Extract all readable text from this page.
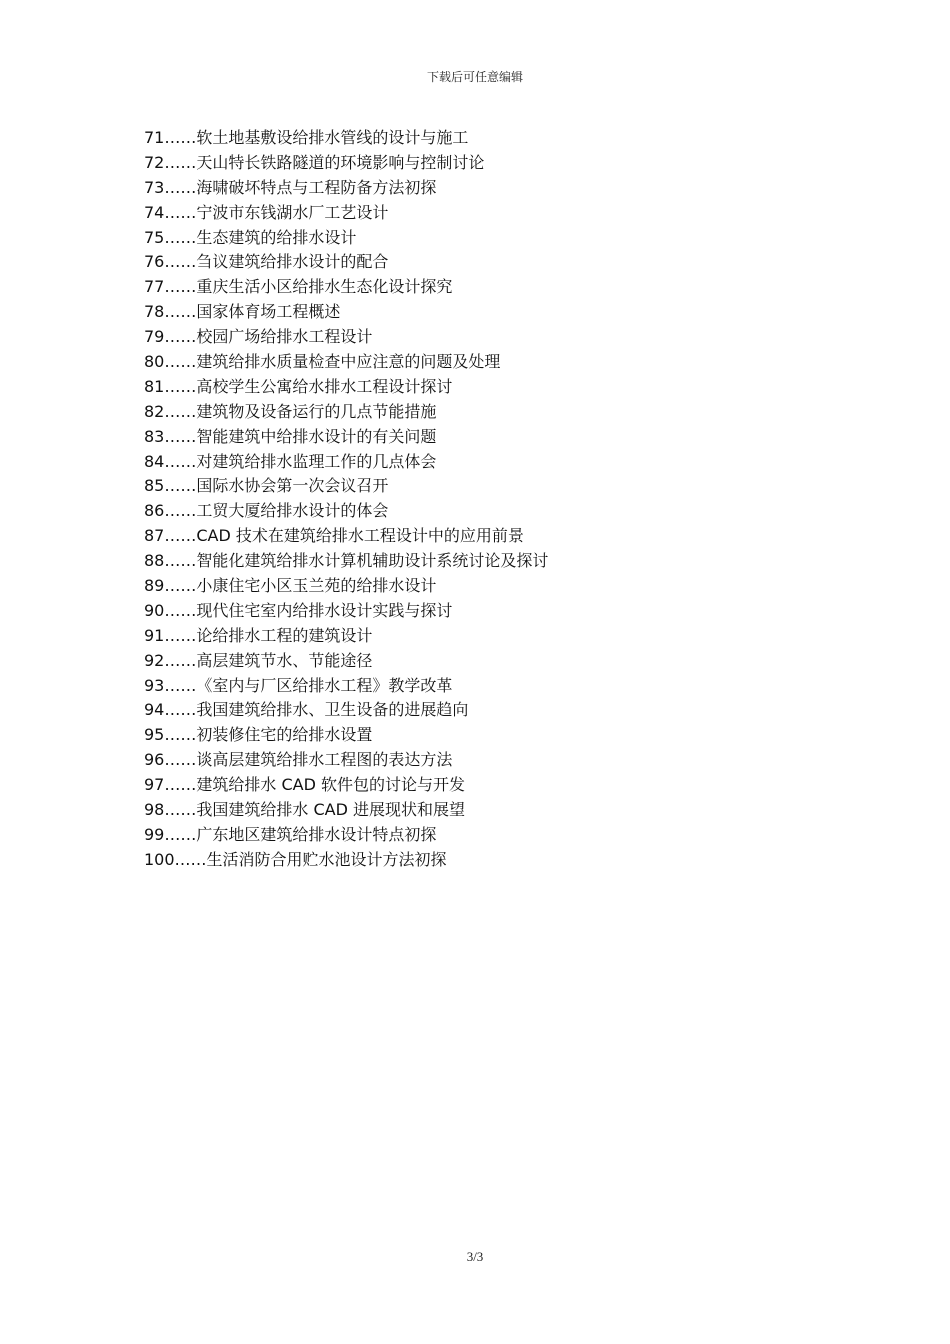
下载后可任意编辑
71……软土地基敷设给排水管线的设计与施工
72……天山特长铁路隧道的环境影响与控制讨论
73……海啸破坏特点与工程防备方法初探
74……宁波市东钱湖水厂工艺设计
75……生态建筑的给排水设计
76……刍议建筑给排水设计的配合
77……重庆生活小区给排水生态化设计探究
78……国家体育场工程概述
79……校园广场给排水工程设计
80……建筑给排水质量检查中应注意的问题及处理
81……高校学生公寓给水排水工程设计探讨
82……建筑物及设备运行的几点节能措施
83……智能建筑中给排水设计的有关问题
84……对建筑给排水监理工作的几点体会
85……国际水协会第一次会议召开
86……工贸大厦给排水设计的体会
87……CAD 技术在建筑给排水工程设计中的应用前景
88……智能化建筑给排水计算机辅助设计系统讨论及探讨
89……小康住宅小区玉兰苑的给排水设计
90……现代住宅室内给排水设计实践与探讨
91……论给排水工程的建筑设计
92……高层建筑节水、节能途径
93……《室内与厂区给排水工程》教学改革
94……我国建筑给排水、卫生设备的进展趋向
95……初装修住宅的给排水设置
96……谈高层建筑给排水工程图的表达方法
97……建筑给排水 CAD 软件包的讨论与开发
98……我国建筑给排水 CAD 进展现状和展望
99……广东地区建筑给排水设计特点初探
100……生活消防合用贮水池设计方法初探
3/3
